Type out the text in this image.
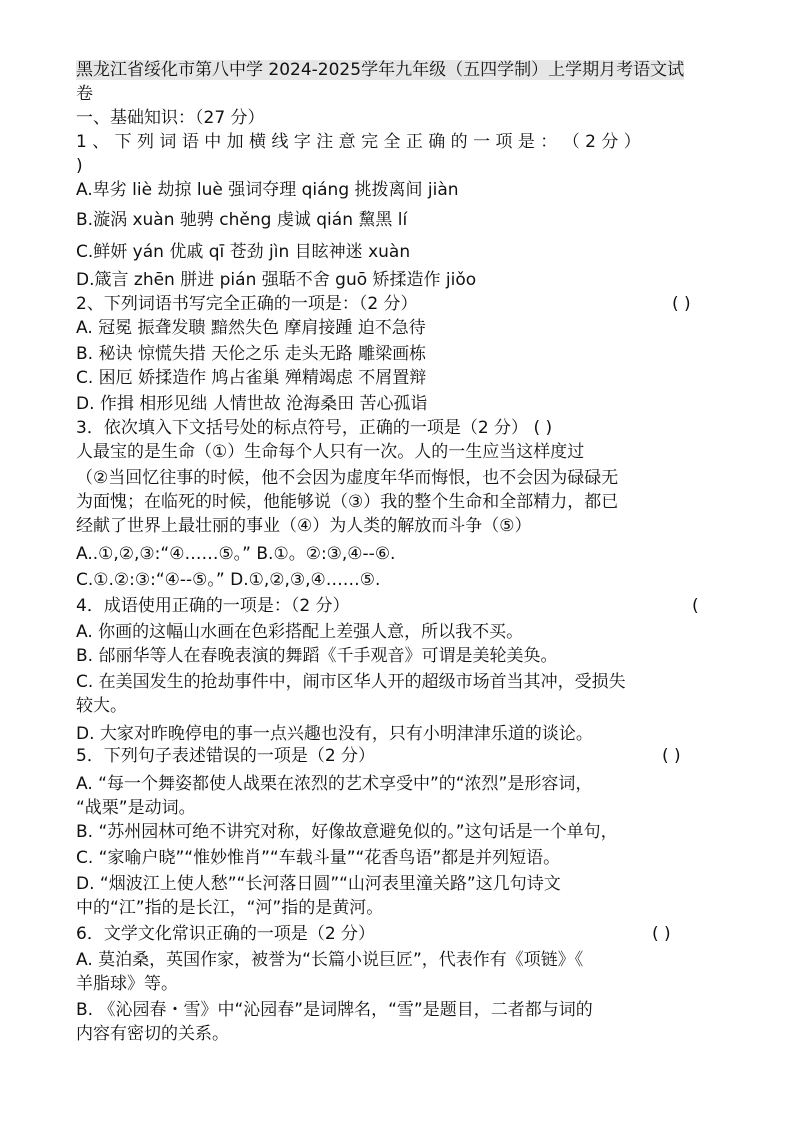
黑龙江省绥化市第八中学 2024-2025学年九年级（五四学制）上学期月考语文试
卷
一、基础知识：（27 分）
1 、 下 列 词 语 中 加 横 线 字 注 意 完 全 正 确 的 一 项 是 ： （ 2 分 ）
)
A.卑劣 liè 劫掠 luè 强词夺理 qiáng 挑拨离间 jiàn
B.漩涡 xuàn 驰骋 chěng 虔诚 qián 黧黑 lí
C.鲜妍 yán 优戚 qī 苍劲 jìn 目眩神迷 xuàn
D.箴言 zhēn 胼进 pián 强聒不舍 guō 矫揉造作 jiǒo
2、下列词语书写完全正确的一项是：（2 分）	( )
A. 冠冕 振聋发聩 黯然失色 摩肩接踵 迫不急待
B. 秘诀 惊慌失措 天伦之乐 走头无路 雕梁画栋
C. 困厄 娇揉造作 鸠占雀巢 殚精竭虑 不屑置辩
D. 作揖 相形见绌 人情世故 沧海桑田 苦心孤诣
3．依次填入下文括号处的标点符号，正确的一项是（2 分） ( )
人最宝的是生命（①）生命每个人只有一次。人的一生应当这样度过
（②当回忆往事的时候，他不会因为虚度年华而悔恨，也不会因为碌碌无
为面愧；在临死的时候，他能够说（③）我的整个生命和全部精力，都已
经献了世界上最壮丽的事业（④）为人类的解放而斗争（⑤）
A..①,②,③:“④……⑤。” B.①。②:③,④--⑥.
C.①.②:③:“④--⑤。” D.①,②,③,④……⑤.
4．成语使用正确的一项是：（2 分）	(
A. 你画的这幅山水画在色彩搭配上差强人意，所以我不买。
B. 邰丽华等人在春晚表演的舞蹈《千手观音》可谓是美轮美奂。
C. 在美国发生的抢劫事件中，闹市区华人开的超级市场首当其冲，受损失
较大。
D. 大家对昨晚停电的事一点兴趣也没有，只有小明津津乐道的谈论。
5．下列句子表述错误的一项是（2 分）	( )
A. “每一个舞姿都使人战栗在浓烈的艺术享受中”的“浓烈”是形容词，
“战栗”是动词。
B. “苏州园林可绝不讲究对称，好像故意避免似的。”这句话是一个单句，
C. “家喻户晓”“惟妙惟肖”“车载斗量”“花香鸟语”都是并列短语。
D. “烟波江上使人愁”“长河落日圆”“山河表里潼关路”这几句诗文
中的“江”指的是长江，“河”指的是黄河。
6．文学文化常识正确的一项是（2 分）	( )
A. 莫泊桑，英国作家，被誉为“长篇小说巨匠”，代表作有《项链》《
羊脂球》等。
B. 《沁园春・雪》中“沁园春”是词牌名，“雪”是题目，二者都与词的
内容有密切的关系。
